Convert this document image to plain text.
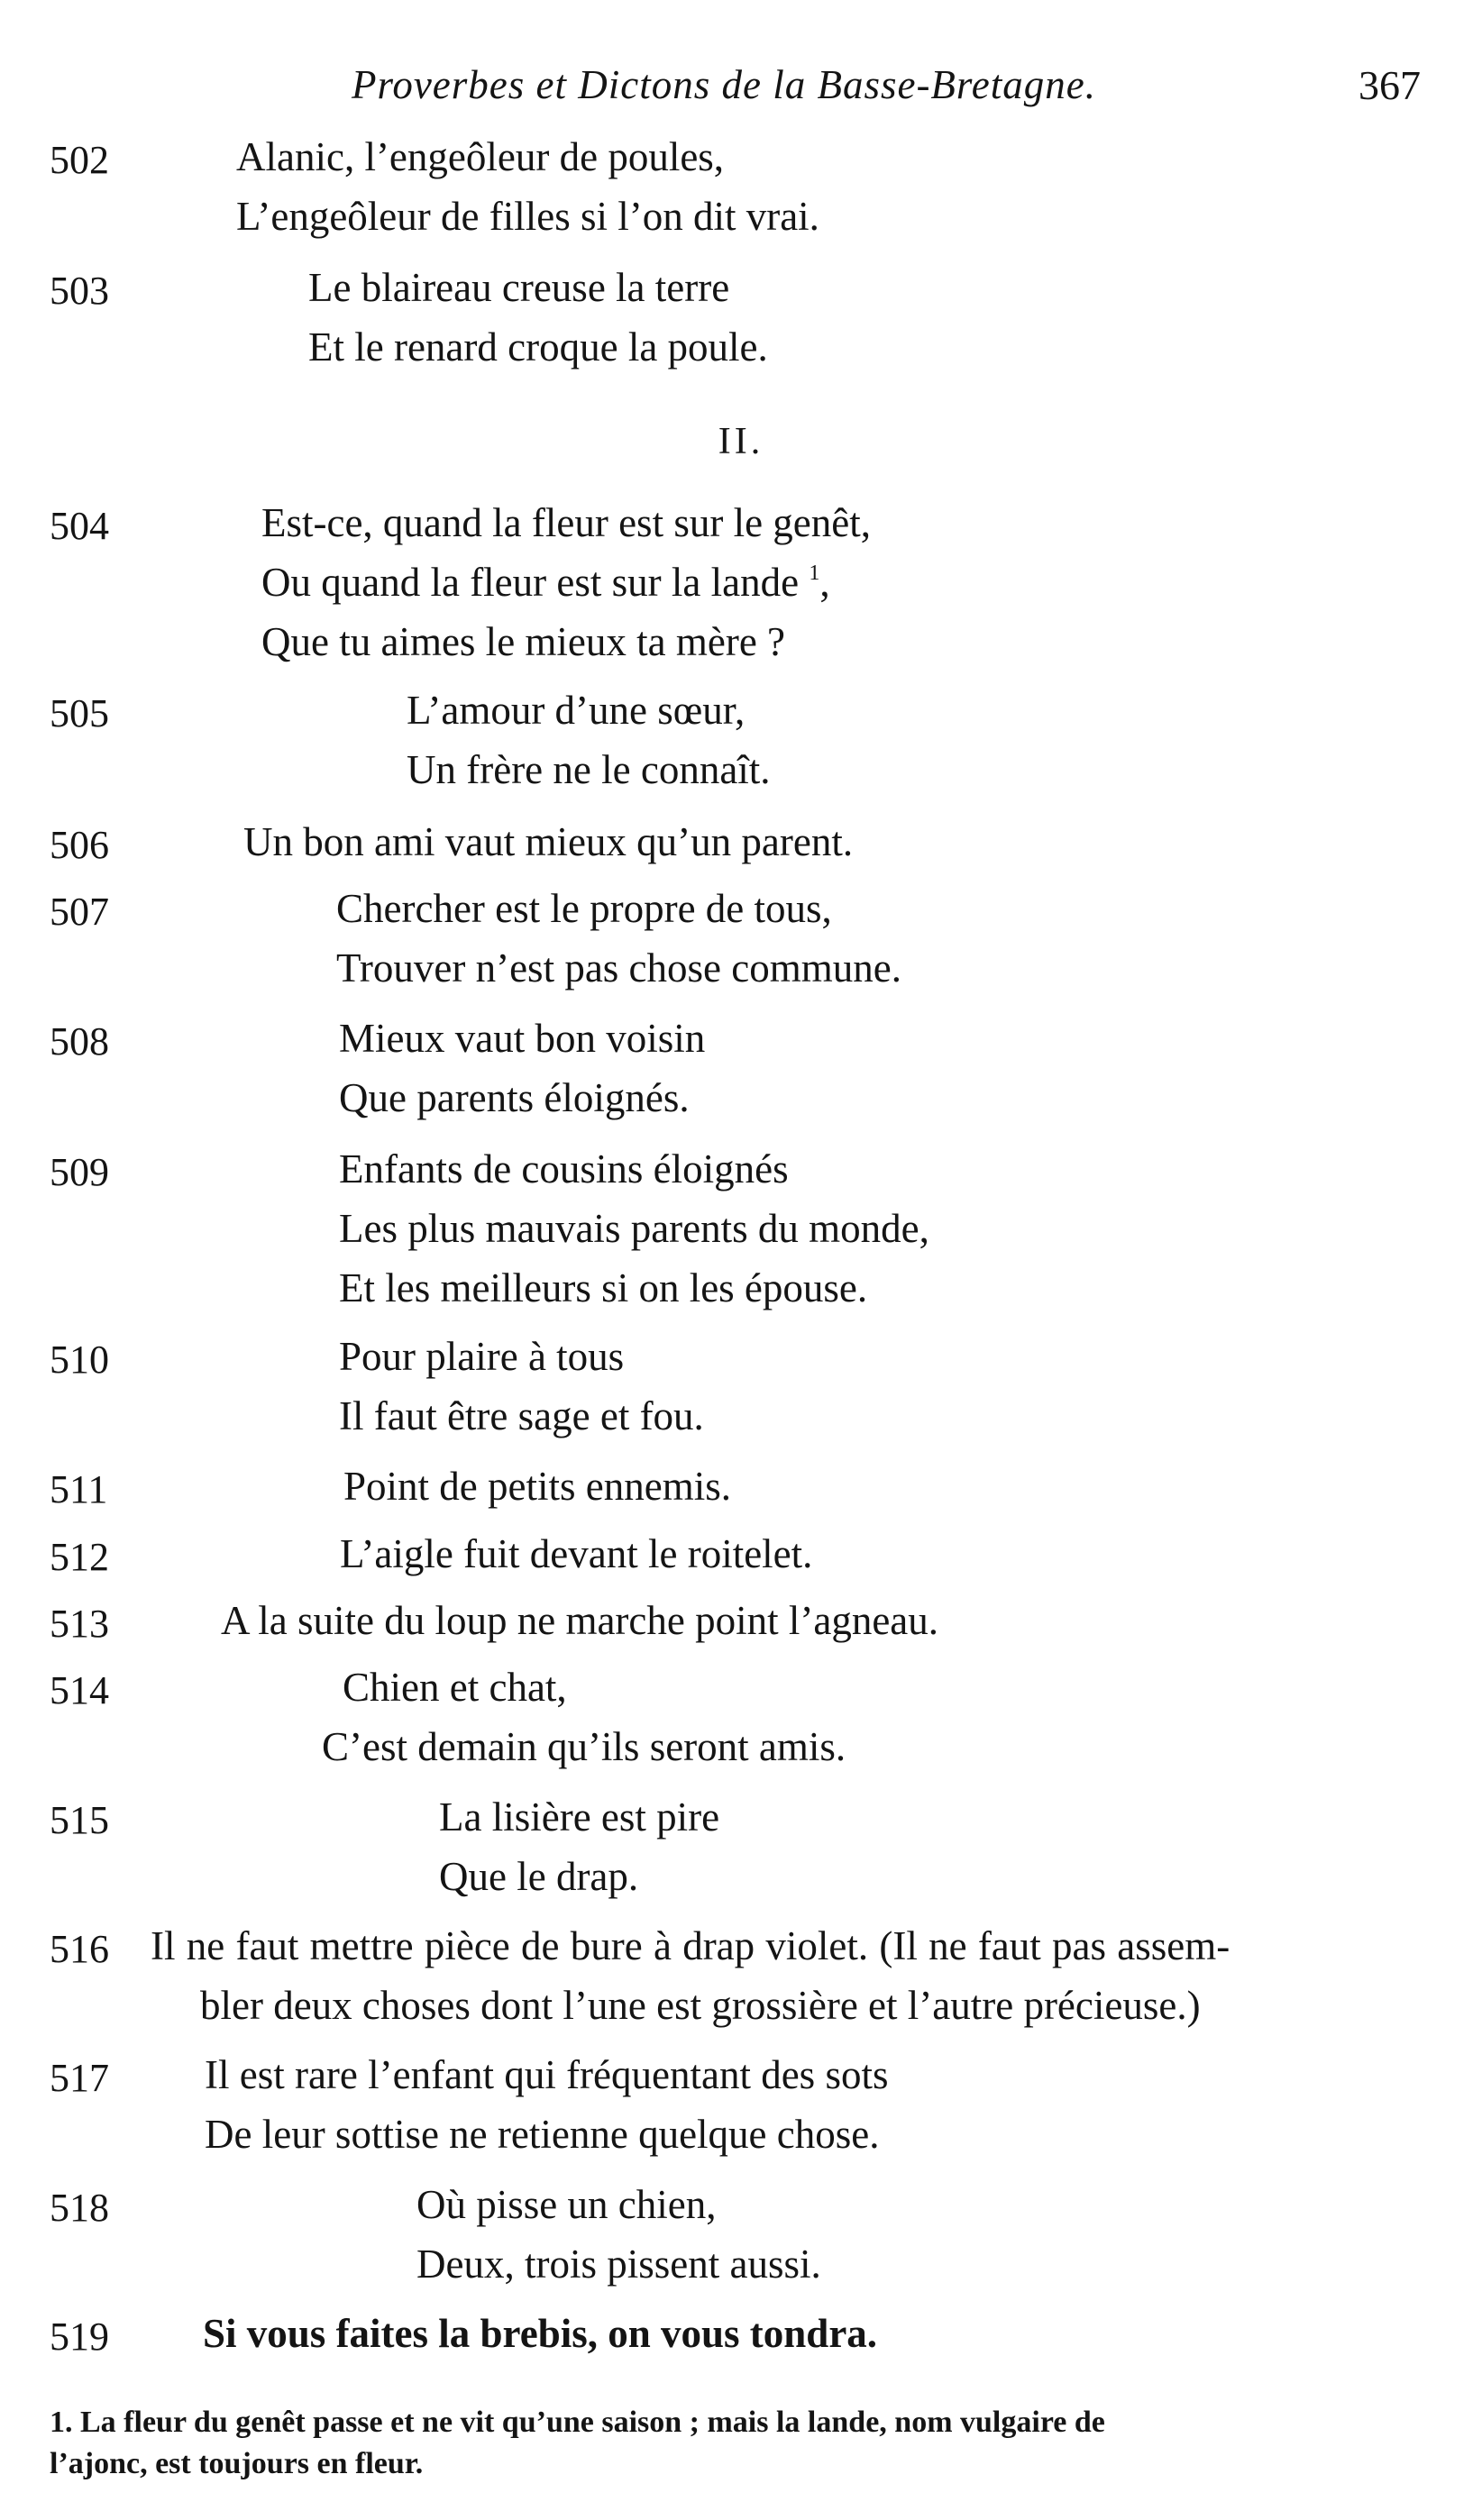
Proverbes et Dictons de la Basse-Bretagne.	367
502	Alanic, l’engeôleur de poules,
L’engeôleur de filles si l’on dit vrai.
503	Le blaireau creuse la terre
Et le renard croque la poule.
II.
504	Est-ce, quand la fleur est sur le genêt,
Ou quand la fleur est sur la lande $^1$,
Que tu aimes le mieux ta mère ?
505	L’amour d’une sœur,
Un frère ne le connaît.
506	Un bon ami vaut mieux qu’un parent.
507	Chercher est le propre de tous,
Trouver n’est pas chose commune.
508	Mieux vaut bon voisin
Que parents éloignés.
509	Enfants de cousins éloignés
Les plus mauvais parents du monde,
Et les meilleurs si on les épouse.
510	Pour plaire à tous
Il faut être sage et fou.
511	Point de petits ennemis.
512	L’aigle fuit devant le roitelet.
513	A la suite du loup ne marche point l’agneau.
514	Chien et chat,
C’est demain qu’ils seront amis.
515	La lisière est pire
Que le drap.
516 Il ne faut mettre pièce de bure à drap violet. (Il ne faut pas assem-
bler deux choses dont l’une est grossière et l’autre précieuse.)
517 Il est rare l’enfant qui fréquentant des sots
De leur sottise ne retienne quelque chose.
518	Où pisse un chien,
Deux, trois pissent aussi.
519 Si vous faites la brebis, on vous tondra.
1. La fleur du genêt passe et ne vit qu’une saison ; mais la lande, nom vulgaire de
l’ajonc, est toujours en fleur.
